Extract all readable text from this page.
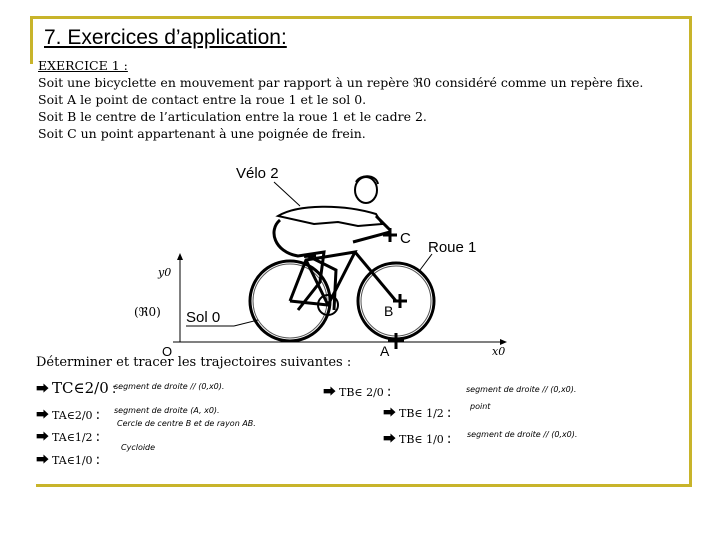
7. Exercices d’application:
EXERCICE 1 :
Soit une bicyclette en mouvement par rapport à un repère ℜ0 considéré comme un repère fixe.
Soit A le point de contact entre la roue 1 et le sol 0.
Soit B le centre de l’articulation entre la roue 1 et le cadre 2.
Soit C un point appartenant à une poignée de frein.
y0
x0
O
(ℜ0)
Vélo 2
C
Roue 1
Sol 0	B
A
Déterminer et tracer les trajectoires suivantes :
⮕ TC∈2/0 :
segment de droite // (0,x0).
⮕ TA∈2/0 : segment de droite (A, x0).
Cercle de centre B et de rayon AB.
⮕ TA∈1/2 :
⮕ TA∈1/0 :
Cycloide
⮕ TB∈ 2/0 :	segment de droite // (0,x0).
⮕ TB∈ 1/2 : point
⮕ TB∈ 1/0 : segment de droite // (0,x0).
